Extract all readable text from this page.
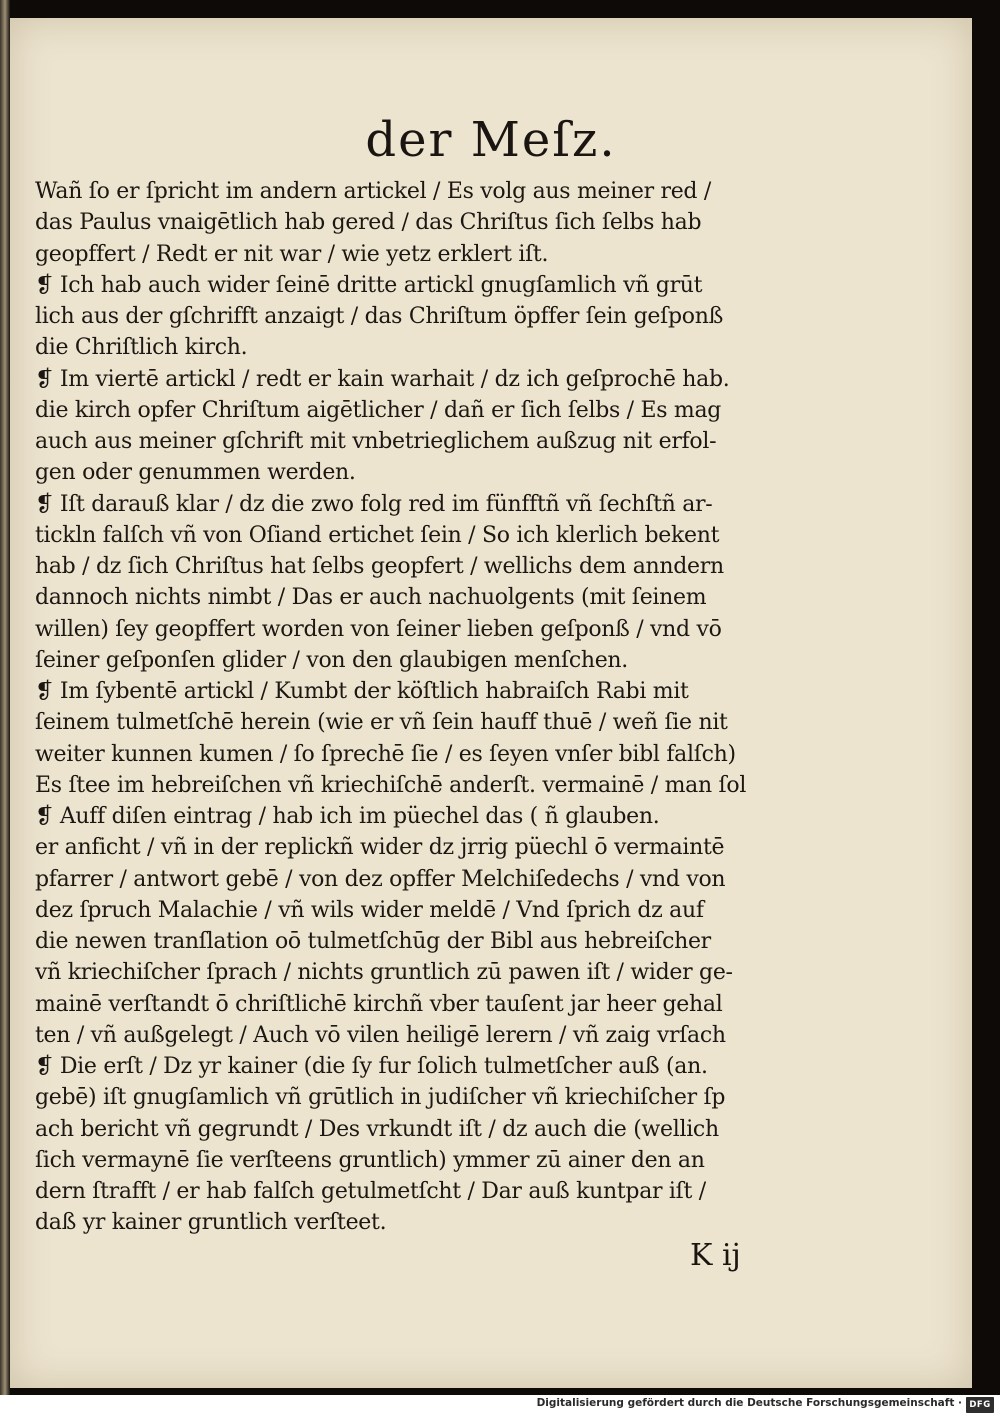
der Meſz.
Wañ ſo er ſpricht im andern artickel / Es volg aus meiner red /
das Paulus vnaigētlich hab gered / das Chriſtus ſich ſelbs hab
geopffert / Redt er nit war / wie yetz erklert iſt.
❡ Ich hab auch wider ſeinē dritte artickl gnugſamlich vñ grūt
lich aus der gſchrifft anzaigt / das Chriſtum öpffer ſein geſponß
die Chriſtlich kirch.
❡ Im viertē artickl / redt er kain warhait / dz ich geſprochē hab.
die kirch opfer Chriſtum aigētlicher / dañ er ſich ſelbs / Es mag
auch aus meiner gſchrift mit vnbetrieglichem außzug nit erfol-
gen oder genummen werden.
❡ Iſt darauß klar / dz die zwo folg red im fünfftñ vñ ſechſtñ ar-
tickln falſch vñ von Oſiand ertichet ſein / So ich klerlich bekent
hab / dz ſich Chriſtus hat ſelbs geopfert / wellichs dem anndern
dannoch nichts nimbt / Das er auch nachuolgents (mit ſeinem
willen) ſey geopffert worden von ſeiner lieben geſponß / vnd vō
ſeiner geſponſen glider / von den glaubigen menſchen.
❡ Im ſybentē artickl / Kumbt der köſtlich habraiſch Rabi mit
ſeinem tulmetſchē herein (wie er vñ ſein hauff thuē / weñ ſie nit
weiter kunnen kumen / ſo ſprechē ſie / es ſeyen vnſer bibl falſch)
Es ſtee im hebreiſchen vñ kriechiſchē anderſt. vermainē / man ſol
❡ Auff diſen eintrag / hab ich im püechel das ( ñ glauben.
er anficht / vñ in der replickñ wider dz jrrig püechl ō vermaintē
pfarrer / antwort gebē / von dez opffer Melchiſedechs / vnd von
dez ſpruch Malachie / vñ wils wider meldē / Vnd ſprich dz auf
die newen tranſlation oō tulmetſchūg der Bibl aus hebreiſcher
vñ kriechiſcher ſprach / nichts gruntlich zū pawen iſt / wider ge-
mainē verſtandt ō chriſtlichē kirchñ vber tauſent jar heer gehal
ten / vñ außgelegt / Auch vō vilen heiligē lerern / vñ zaig vrſach
❡ Die erſt / Dz yr kainer (die ſy fur ſolich tulmetſcher auß (an.
gebē) iſt gnugſamlich vñ grūtlich in judiſcher vñ kriechiſcher ſp
ach bericht vñ gegrundt / Des vrkundt iſt / dz auch die (wellich
ſich vermaynē ſie verſteens gruntlich) ymmer zū ainer den an
dern ſtrafft / er hab falſch getulmetſcht / Dar auß kuntpar iſt /
daß yr kainer gruntlich verſteet.
K ij
Digitalisierung gefördert durch die Deutsche Forschungsgemeinschaft · DFG
